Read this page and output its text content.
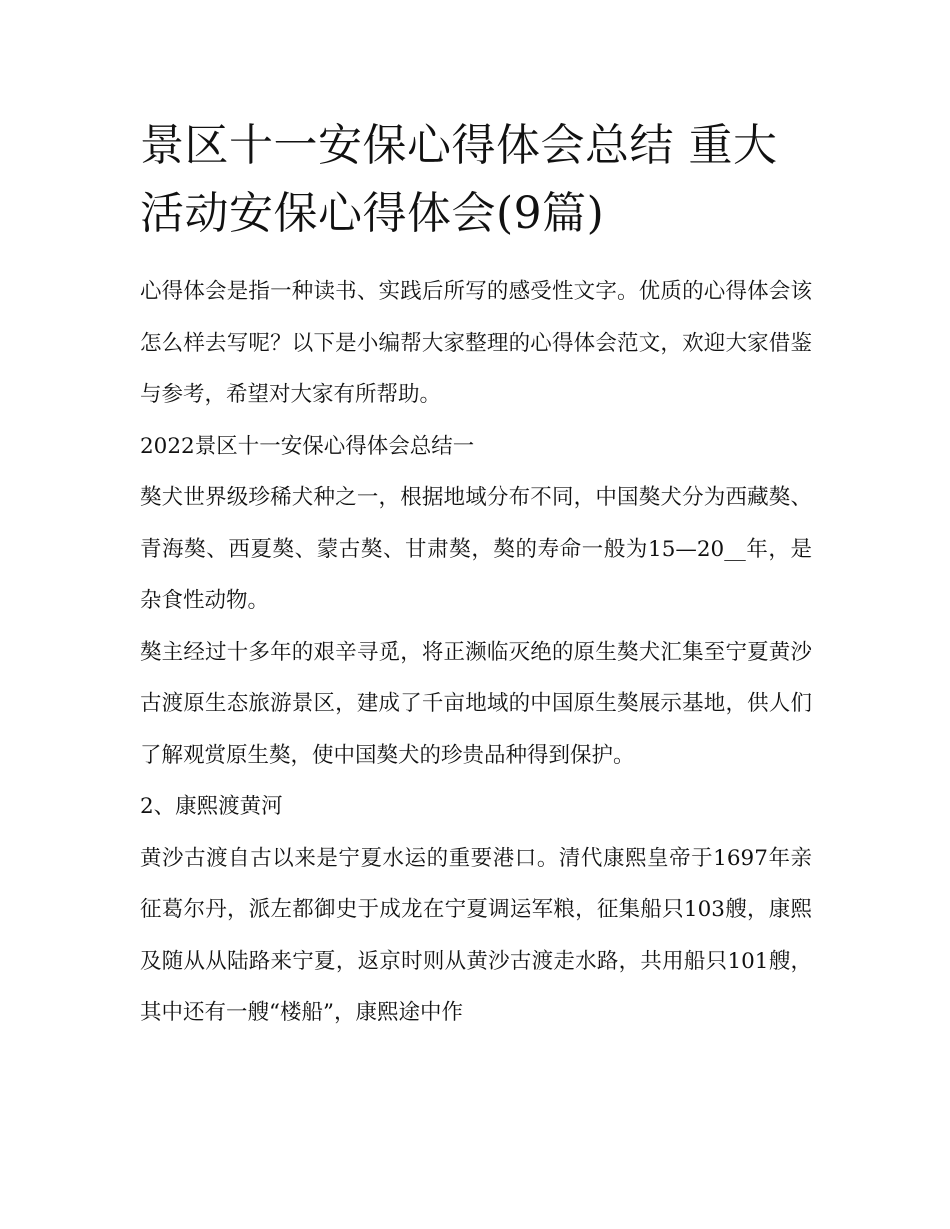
景区十一安保心得体会总结 重大活动安保心得体会(9篇)

心得体会是指一种读书、实践后所写的感受性文字。优质的心得体会该怎么样去写呢？以下是小编帮大家整理的心得体会范文，欢迎大家借鉴与参考，希望对大家有所帮助。

2022景区十一安保心得体会总结一

獒犬世界级珍稀犬种之一，根据地域分布不同，中国獒犬分为西藏獒、青海獒、西夏獒、蒙古獒、甘肃獒，獒的寿命一般为15—20__年，是杂食性动物。

獒主经过十多年的艰辛寻觅，将正濒临灭绝的原生獒犬汇集至宁夏黄沙古渡原生态旅游景区，建成了千亩地域的中国原生獒展示基地，供人们了解观赏原生獒，使中国獒犬的珍贵品种得到保护。

2、康熙渡黄河

黄沙古渡自古以来是宁夏水运的重要港口。清代康熙皇帝于1697年亲征葛尔丹，派左都御史于成龙在宁夏调运军粮，征集船只103艘，康熙及随从从陆路来宁夏，返京时则从黄沙古渡走水路，共用船只101艘，其中还有一艘“楼船”，康熙途中作
